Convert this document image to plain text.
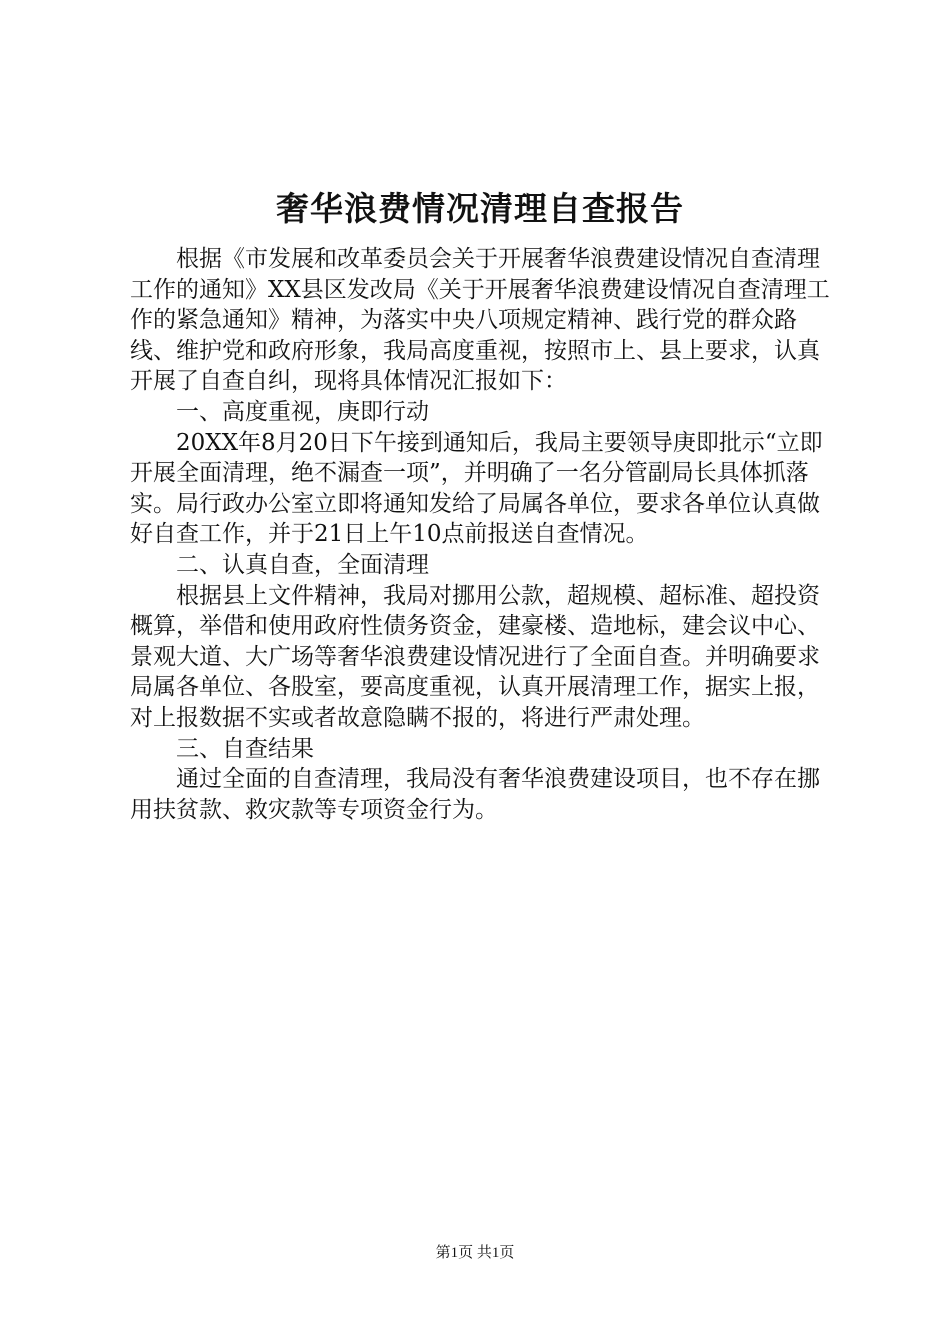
奢华浪费情况清理自查报告

根据《市发展和改革委员会关于开展奢华浪费建设情况自查清理工作的通知》XX县区发改局《关于开展奢华浪费建设情况自查清理工作的紧急通知》精神，为落实中央八项规定精神、践行党的群众路线、维护党和政府形象，我局高度重视，按照市上、县上要求，认真开展了自查自纠，现将具体情况汇报如下：

一、高度重视，庚即行动

20XX年8月20日下午接到通知后，我局主要领导庚即批示“立即开展全面清理，绝不漏查一项”，并明确了一名分管副局长具体抓落实。局行政办公室立即将通知发给了局属各单位，要求各单位认真做好自查工作，并于21日上午10点前报送自查情况。

二、认真自查，全面清理

根据县上文件精神，我局对挪用公款，超规模、超标准、超投资概算，举借和使用政府性债务资金，建豪楼、造地标，建会议中心、景观大道、大广场等奢华浪费建设情况进行了全面自查。并明确要求局属各单位、各股室，要高度重视，认真开展清理工作，据实上报，对上报数据不实或者故意隐瞒不报的，将进行严肃处理。

三、自查结果

通过全面的自查清理，我局没有奢华浪费建设项目，也不存在挪用扶贫款、救灾款等专项资金行为。

第1页 共1页
